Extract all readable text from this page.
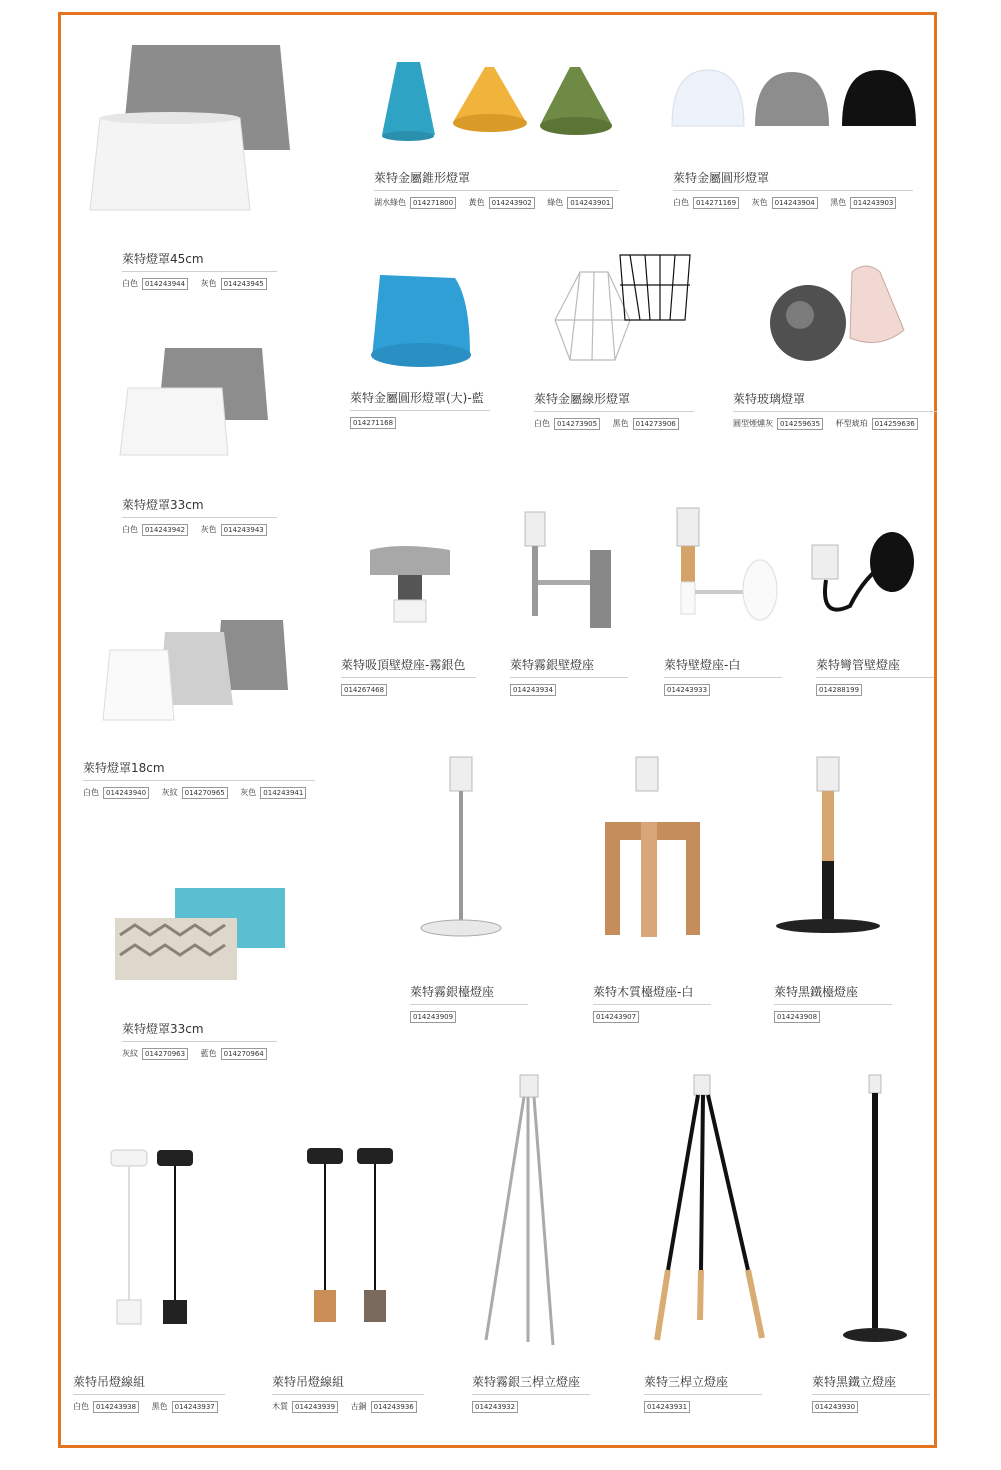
萊特燈罩45cm
白色 014243944 灰色 014243945
萊特金屬錐形燈罩
湖水綠色 014271800 黃色 014243902 綠色 014243901
萊特金屬圓形燈罩
白色 014271169 灰色 014243904 黑色 014243903
萊特金屬圓形燈罩(大)-藍
014271168
萊特金屬線形燈罩
白色 014273905 黑色 014273906
萊特玻璃燈罩
圓型煙燻灰 014259635 杯型琥珀 014259636
萊特燈罩33cm
白色 014243942 灰色 014243943
萊特吸頂壁燈座-霧銀色
014267468
萊特霧銀壁燈座
014243934
萊特壁燈座-白
014243933
萊特彎管壁燈座
014288199
萊特燈罩18cm
白色 014243940 灰紋 014270965 灰色 014243941
萊特霧銀檯燈座
014243909
萊特木質檯燈座-白
014243907
萊特黑鐵檯燈座
014243908
萊特燈罩33cm
灰紋 014270963 藍色 014270964
萊特吊燈線組
白色 014243938 黑色 014243937
萊特吊燈線組
木質 014243939 古銅 014243936
萊特霧銀三桿立燈座
014243932
萊特三桿立燈座
014243931
萊特黑鐵立燈座
014243930
